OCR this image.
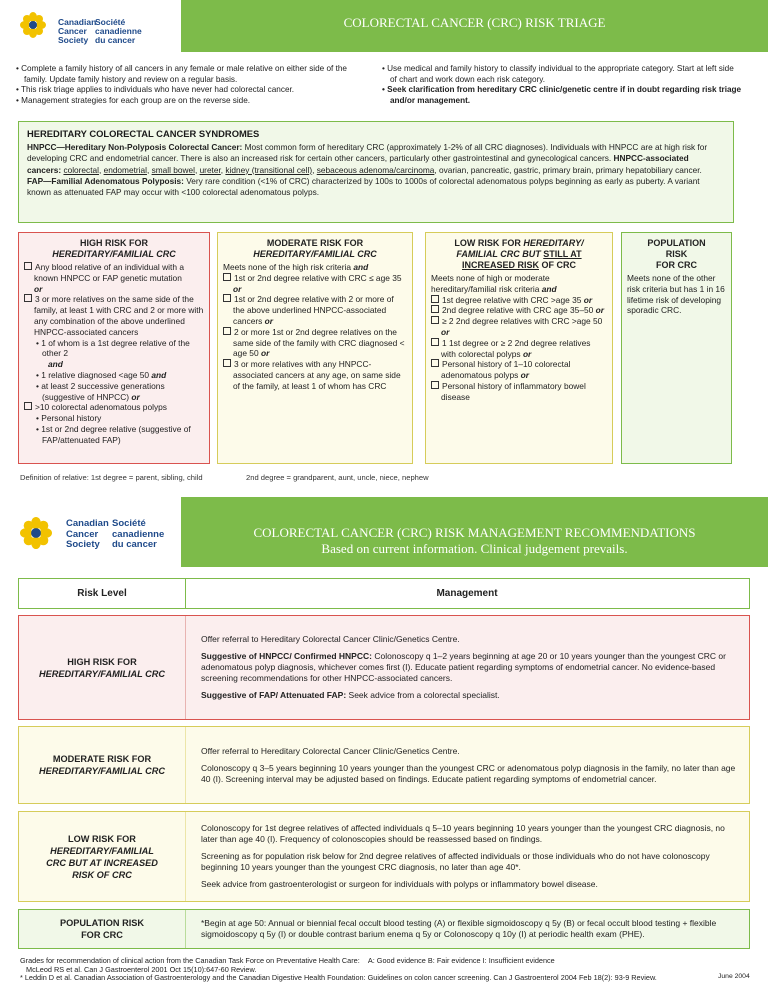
Canadian
Cancer
Society
Société
canadienne
du cancer
COLORECTAL CANCER (CRC) RISK TRIAGE
• Complete a family history of all cancers in any female or male relative on either side of the family. Update family history and review on a regular basis.
• This risk triage applies to individuals who have never had colorectal cancer.
• Management strategies for each group are on the reverse side.
• Use medical and family history to classify individual to the appropriate category. Start at left side of chart and work down each risk category.
• Seek clarification from hereditary CRC clinic/genetic centre if in doubt regarding risk triage and/or management.
HEREDITARY COLORECTAL CANCER SYNDROMES

HNPCC—Hereditary Non-Polyposis Colorectal Cancer: Most common form of hereditary CRC (approximately 1-2% of all CRC diagnoses). Individuals with HNPCC are at high risk for developing CRC and endometrial cancer. There is also an increased risk for certain other cancers, particularly other gastrointestinal and gynecological cancers. HNPCC-associated cancers: colorectal, endometrial, small bowel, ureter, kidney (transitional cell), sebaceous adenoma/carcinoma, ovarian, pancreatic, gastric, primary brain, primary hepatobiliary cancer.

FAP—Familial Adenomatous Polyposis: Very rare condition (<1% of CRC) characterized by 100s to 1000s of colorectal adenomatous polyps beginning as early as puberty. A variant known as attenuated FAP may occur with <100 colorectal adenomatous polyps.

HIGH RISK FOR
HEREDITARY/FAMILIAL CRC
Any blood relative of an individual with a known HNPCC or FAP genetic mutation
or
3 or more relatives on the same side of the family, at least 1 with CRC and 2 or more with any combination of the above underlined HNPCC-associated cancers
• 1 of whom is a 1st degree relative of the other 2
and
• 1 relative diagnosed <age 50 and
• at least 2 successive generations (suggestive of HNPCC) or
>10 colorectal adenomatous polyps
• Personal history
• 1st or 2nd degree relative (suggestive of FAP/attenuated FAP)
MODERATE RISK FOR
HEREDITARY/FAMILIAL CRC
Meets none of the high risk criteria and
1st or 2nd degree relative with CRC ≤ age 35 or
1st or 2nd degree relative with 2 or more of the above underlined HNPCC-associated cancers or
2 or more 1st or 2nd degree relatives on the same side of the family with CRC diagnosed < age 50 or
3 or more relatives with any HNPCC-associated cancers at any age, on same side of the family, at least 1 of whom has CRC
LOW RISK FOR HEREDITARY/
FAMILIAL CRC BUT STILL AT
INCREASED RISK OF CRC
Meets none of high or moderate hereditary/familial risk criteria and
1st degree relative with CRC >age 35 or
2nd degree relative with CRC age 35–50 or
≥ 2 2nd degree relatives with CRC >age 50 or
1 1st degree or ≥ 2 2nd degree relatives with colorectal polyps or
Personal history of 1–10 colorectal adenomatous polyps or
Personal history of inflammatory bowel disease
POPULATION
RISK
FOR CRC
Meets none of the other risk criteria but has 1 in 16 lifetime risk of developing sporadic CRC.
Definition of relative: 1st degree = parent, sibling, child	2nd degree = grandparent, aunt, uncle, niece, nephew
Canadian
Cancer
Society
Société
canadienne
du cancer
COLORECTAL CANCER (CRC) RISK MANAGEMENT RECOMMENDATIONS
Based on current information. Clinical judgement prevails.
Risk Level	Management
HIGH RISK FOR
HEREDITARY/FAMILIAL CRC

Offer referral to Hereditary Colorectal Cancer Clinic/Genetics Centre.

Suggestive of HNPCC/ Confirmed HNPCC: Colonoscopy q 1–2 years beginning at age 20 or 10 years younger than the youngest CRC or adenomatous polyp diagnosis, whichever comes first (I). Educate patient regarding symptoms of endometrial cancer. No evidence-based screening recommendations for other HNPCC-associated cancers.

Suggestive of FAP/ Attenuated FAP: Seek advice from a colorectal specialist.

MODERATE RISK FOR
HEREDITARY/FAMILIAL CRC

Offer referral to Hereditary Colorectal Cancer Clinic/Genetics Centre.

Colonoscopy q 3–5 years beginning 10 years younger than the youngest CRC or adenomatous polyp diagnosis in the family, no later than age 40 (I). Screening interval may be adjusted based on findings. Educate patient regarding symptoms of endometrial cancer.

LOW RISK FOR
HEREDITARY/FAMILIAL
CRC BUT AT INCREASED
RISK OF CRC

Colonoscopy for 1st degree relatives of affected individuals q 5–10 years beginning 10 years younger than the youngest CRC diagnosis, no later than age 40 (I). Frequency of colonoscopies should be reassessed based on findings.

Screening as for population risk below for 2nd degree relatives of affected individuals or those individuals who do not have colonoscopy beginning 10 years younger than the youngest CRC diagnosis, no later than age 40*.

Seek advice from gastroenterologist or surgeon for individuals with polyps or inflammatory bowel disease.

POPULATION RISK
FOR CRC

*Begin at age 50: Annual or biennial fecal occult blood testing (A) or flexible sigmoidoscopy q 5y (B) or fecal occult blood testing + flexible sigmoidoscopy q 5y (I) or double contrast barium enema q 5y or Colonoscopy q 10y (I) at periodic health exam (PHE).

Grades for recommendation of clinical action from the Canadian Task Force on Preventative Health Care: A: Good evidence B: Fair evidence I: Insufficient evidence
McLeod RS et al. Can J Gastroenterol 2001 Oct 15(10):647-60 Review.
* Leddin D et al. Canadian Association of Gastroenterology and the Canadian Digestive Health Foundation: Guidelines on colon cancer screening. Can J Gastroenterol 2004 Feb 18(2): 93-9 Review.	June 2004
